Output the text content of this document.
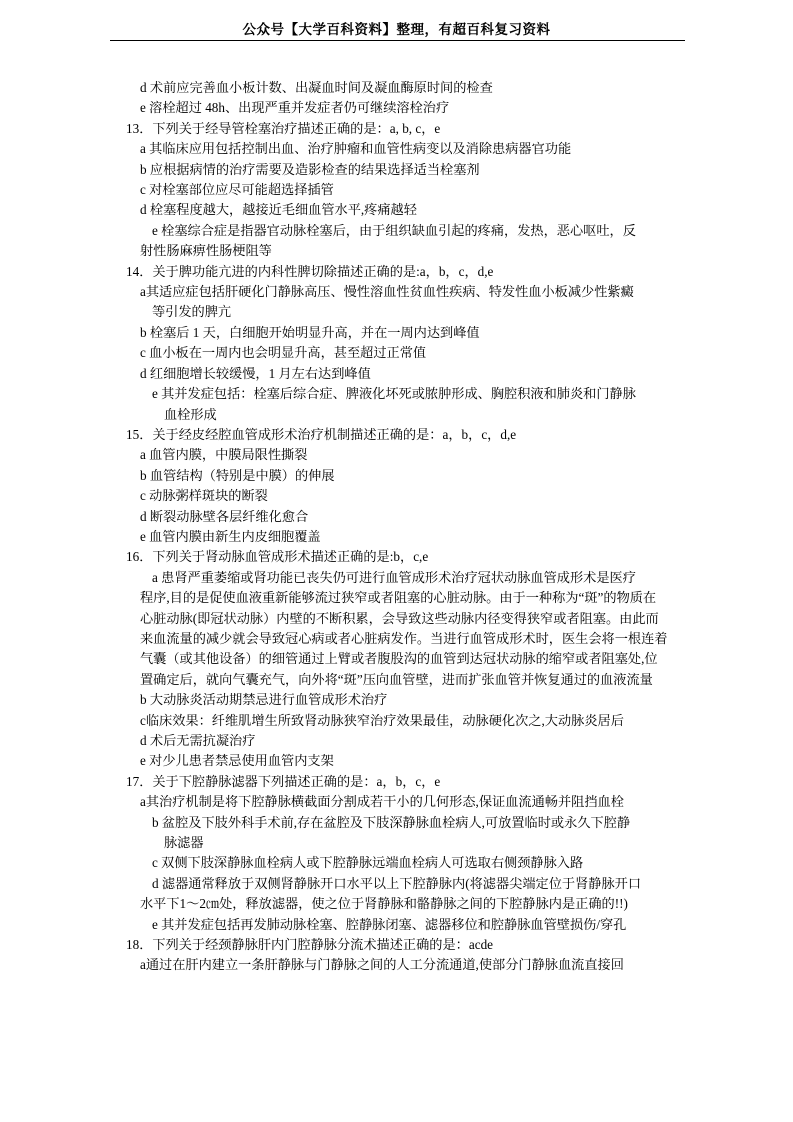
公众号【大学百科资料】整理，有超百科复习资料
d 术前应完善血小板计数、出凝血时间及凝血酶原时间的检查
e 溶栓超过 48h、出现严重并发症者仍可继续溶栓治疗
13．下列关于经导管栓塞治疗描述正确的是：a, b, c，e
a 其临床应用包括控制出血、治疗肿瘤和血管性病变以及消除患病器官功能
b 应根据病情的治疗需要及造影检查的结果选择适当栓塞剂
c 对栓塞部位应尽可能超选择插管
d 栓塞程度越大，越接近毛细血管水平,疼痛越轻
e 栓塞综合症是指器官动脉栓塞后，由于组织缺血引起的疼痛，发热，恶心呕吐，反
射性肠麻痹性肠梗阻等
14．关于脾功能亢进的内科性脾切除描述正确的是:a，b，c，d,e
a其适应症包括肝硬化门静脉高压、慢性溶血性贫血性疾病、特发性血小板减少性紫癜
等引发的脾亢
b 栓塞后 1 天，白细胞开始明显升高，并在一周内达到峰值
c 血小板在一周内也会明显升高，甚至超过正常值
d 红细胞增长较缓慢，1 月左右达到峰值
e 其并发症包括：栓塞后综合症、脾液化坏死或脓肿形成、胸腔积液和肺炎和门静脉
血栓形成
15．关于经皮经腔血管成形术治疗机制描述正确的是：a，b，c，d,e
a 血管内膜，中膜局限性撕裂
b 血管结构（特别是中膜）的伸展
c 动脉粥样斑块的断裂
d 断裂动脉壁各层纤维化愈合
e 血管内膜由新生内皮细胞覆盖
16．下列关于肾动脉血管成形术描述正确的是:b，c,e
a 患肾严重萎缩或肾功能已丧失仍可进行血管成形术治疗冠状动脉血管成形术是医疗
程序,目的是促使血液重新能够流过狭窄或者阻塞的心脏动脉。由于一种称为“斑”的物质在
心脏动脉(即冠状动脉）内壁的不断积累，会导致这些动脉内径变得狭窄或者阻塞。由此而
来血流量的减少就会导致冠心病或者心脏病发作。当进行血管成形术时，医生会将一根连着
气囊（或其他设备）的细管通过上臂或者腹股沟的血管到达冠状动脉的缩窄或者阻塞处,位
置确定后，就向气囊充气，向外将“斑”压向血管壁，进而扩张血管并恢复通过的血液流量
b 大动脉炎活动期禁忌进行血管成形术治疗
c临床效果：纤维肌增生所致肾动脉狭窄治疗效果最佳，动脉硬化次之,大动脉炎居后
d 术后无需抗凝治疗
e 对少儿患者禁忌使用血管内支架
17．关于下腔静脉滤器下列描述正确的是：a，b，c，e
a其治疗机制是将下腔静脉横截面分割成若干小的几何形态,保证血流通畅并阻挡血栓
b 盆腔及下肢外科手术前,存在盆腔及下肢深静脉血栓病人,可放置临时或永久下腔静
脉滤器
c 双侧下肢深静脉血栓病人或下腔静脉远端血栓病人可选取右侧颈静脉入路
d 滤器通常释放于双侧肾静脉开口水平以上下腔静脉内(将滤器尖端定位于肾静脉开口
水平下1～2㎝处，释放滤器，使之位于肾静脉和骼静脉之间的下腔静脉内是正确的!!)
e 其并发症包括再发肺动脉栓塞、腔静脉闭塞、滤器移位和腔静脉血管壁损伤/穿孔
18．下列关于经颈静脉肝内门腔静脉分流术描述正确的是：acde
a通过在肝内建立一条肝静脉与门静脉之间的人工分流通道,使部分门静脉血流直接回
